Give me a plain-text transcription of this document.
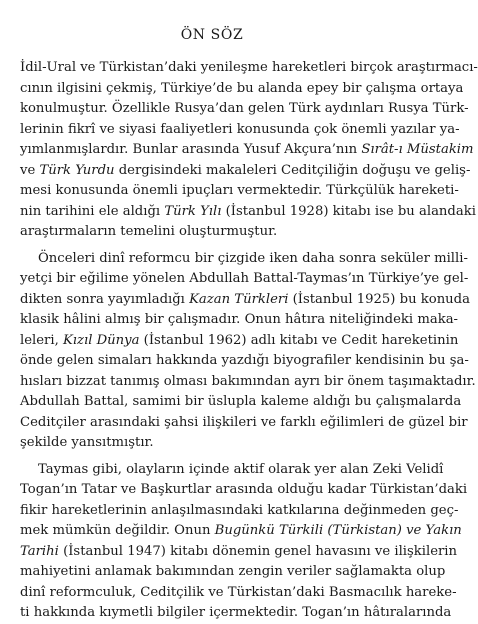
ÖN SÖZ
İdil-Ural ve Türkistan’daki yenileşme hareketleri birçok araştırmacı-
cının ilgisini çekmiş, Türkiye’de bu alanda epey bir çalışma ortaya
konulmuştur. Özellikle Rusya’dan gelen Türk aydınları Rusya Türk-
lerinin fikrî ve siyasi faaliyetleri konusunda çok önemli yazılar ya-
yımlanmışlardır. Bunlar arasında Yusuf Akçura’nın Sırât-ı Müstakim
ve Türk Yurdu dergisindeki makaleleri Ceditçiliğin doğuşu ve geliş-
mesi konusunda önemli ipuçları vermektedir. Türkçülük hareketi-
nin tarihini ele aldığı Türk Yılı (İstanbul 1928) kitabı ise bu alandaki
araştırmaların temelini oluşturmuştur.
Önceleri dinî reformcu bir çizgide iken daha sonra seküler milli-
yetçi bir eğilime yönelen Abdullah Battal-Taymas’ın Türkiye’ye gel-
dikten sonra yayımladığı Kazan Türkleri (İstanbul 1925) bu konuda
klasik hâlini almış bir çalışmadır. Onun hâtıra niteliğindeki maka-
leleri, Kızıl Dünya (İstanbul 1962) adlı kitabı ve Cedit hareketinin
önde gelen simaları hakkında yazdığı biyografiler kendisinin bu şa-
hısları bizzat tanımış olması bakımından ayrı bir önem taşımaktadır.
Abdullah Battal, samimi bir üslupla kaleme aldığı bu çalışmalarda
Ceditçiler arasındaki şahsi ilişkileri ve farklı eğilimleri de güzel bir
şekilde yansıtmıştır.
Taymas gibi, olayların içinde aktif olarak yer alan Zeki Velidî
Togan’ın Tatar ve Başkurtlar arasında olduğu kadar Türkistan’daki
fikir hareketlerinin anlaşılmasındaki katkılarına değinmeden geç-
mek mümkün değildir. Onun Bugünkü Türkili (Türkistan) ve Yakın
Tarihi (İstanbul 1947) kitabı dönemin genel havasını ve ilişkilerin
mahiyetini anlamak bakımından zengin veriler sağlamakta olup
dinî reformculuk, Ceditçilik ve Türkistan’daki Basmacılık hareke-
ti hakkında kıymetli bilgiler içermektedir. Togan’ın hâtıralarında
